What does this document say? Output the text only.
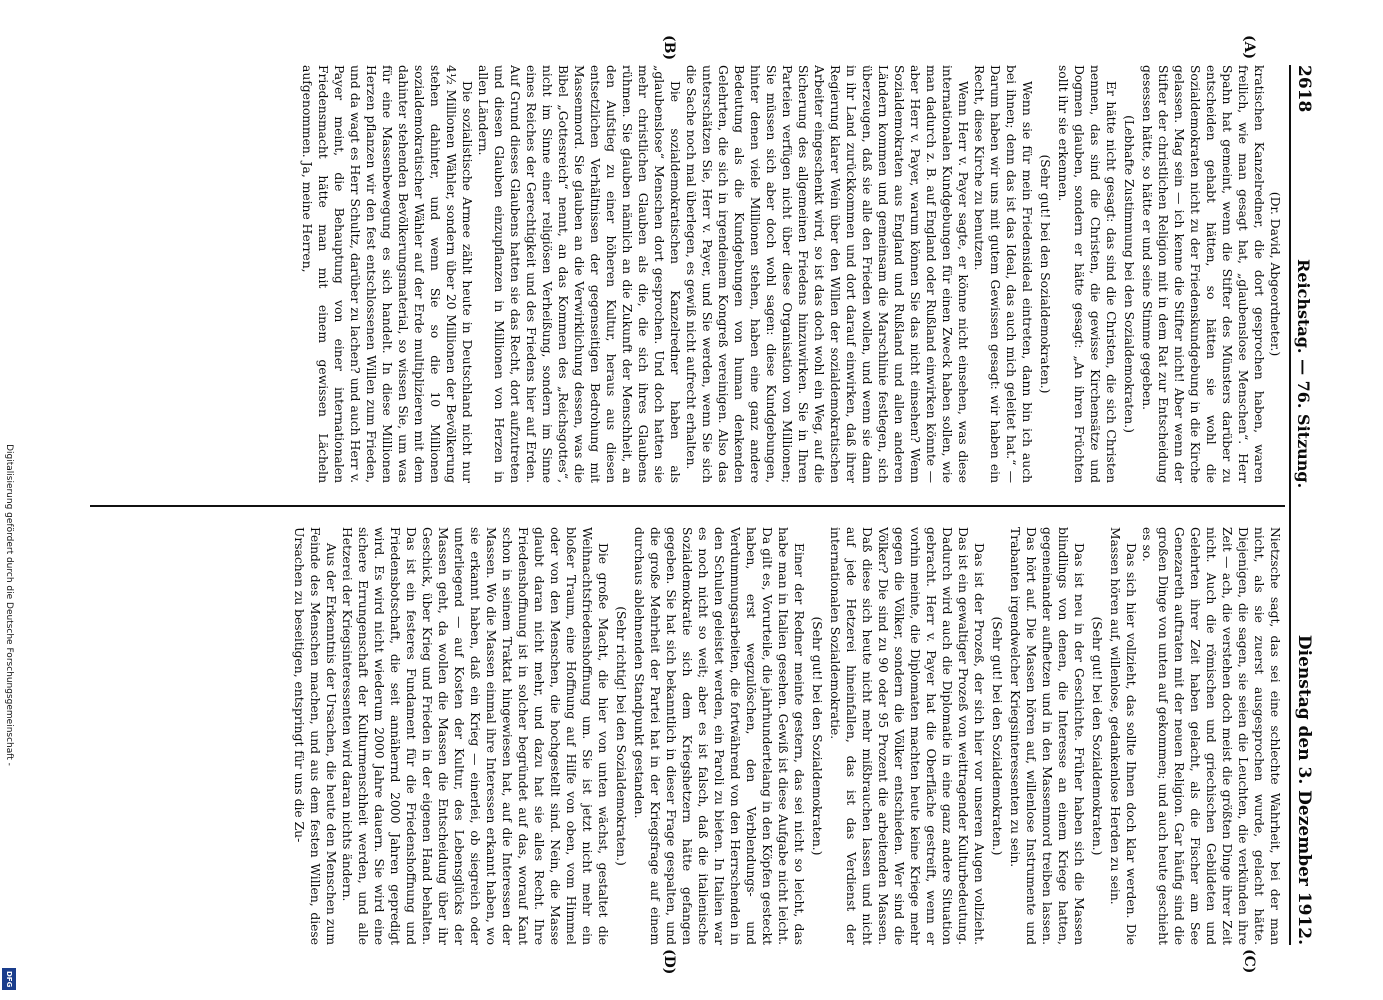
Digitalisierung gefördert durch die Deutsche Forschungsgemeinschaft -
DFG
2618
Reichstag. — 76. Sitzung.
Dienstag den 3. Dezember 1912.
(A)
(B)
(C)
(D)
(Dr. David, Abgeordneter.)

kratischen Kanzelredner, die dort gesprochen haben, waren freilich, wie man gesagt hat, „glaubenslose Menschen“. Herr Spahn hat gemeint, wenn die Stifter des Münsters darüber zu entscheiden gehabt hätten, so hätten sie wohl die Sozialdemokraten nicht zu der Friedenskundgebung in die Kirche gelassen. Mag sein — ich kenne die Stifter nicht! Aber wenn der Stifter der christlichen Religion mit in dem Rat zur Entscheidung gesessen hätte, so hätte er und seine Stimme gegeben.

(Lebhafte Zustimmung bei den Sozialdemokraten.)

Er hätte nicht gesagt: das sind die Christen, die sich Christen nennen, das sind die Christen, die gewisse Kirchensätze und Dogmen glauben, sondern er hätte gesagt: „An ihren Früchten sollt ihr sie erkennen.

(Sehr gut! bei den Sozialdemokraten.)

Wenn sie für mein Friedensideal eintreten, dann bin ich auch bei ihnen; denn das ist das Ideal, das auch mich geleitet hat.“ — Darum haben wir uns mit gutem Gewissen gesagt: wir haben ein Recht, diese Kirche zu benutzen.

Wenn Herr v. Payer sagte, er könne nicht einsehen, was diese internationalen Kundgebungen für einen Zweck haben sollen, wie man dadurch z. B. auf England oder Rußland einwirken könnte — aber Herr v. Payer, warum können Sie das nicht einsehen? Wenn Sozialdemokraten aus England und Rußland und allen anderen Ländern kommen und gemeinsam die Marschlinie festlegen, sich überzeugen, daß sie alle den Frieden wollen, und wenn sie dann in ihr Land zurückkommen und dort darauf einwirken, daß ihrer Regierung klarer Wein über den Willen der sozialdemokratischen Arbeiter eingeschenkt wird, so ist das doch wohl ein Weg, auf die Sicherung des allgemeinen Friedens hinzuwirken. Sie in Ihren Parteien verfügen nicht über diese Organisation von Millionen; Sie müssen sich aber doch wohl sagen: diese Kundgebungen, hinter denen viele Millionen stehen, haben eine ganz andere Bedeutung als die Kundgebungen von human denkenden Gelehrten, die sich in irgendeinem Kongreß vereinigen. Also das unterschätzen Sie, Herr v. Payer, und Sie werden, wenn Sie sich die Sache noch mal überlegen, es gewiß nicht aufrecht erhalten.

Die sozialdemokratischen Kanzelredner haben als „glaubenslose“ Menschen dort gesprochen. Und doch hatten sie mehr christlichen Glauben als die, die sich ihres Glaubens rühmen. Sie glauben nämlich an die Zukunft der Menschheit, an den Aufstieg zu einer höheren Kultur, heraus aus diesen entsetzlichen Verhältnissen der gegenseitigen Bedrohung mit Massenmord. Sie glauben an die Verwirklichung dessen, was die Bibel „Gottesreich“ nennt, an das Kommen des „Reichsgottes“, nicht im Sinne einer religiösen Verheißung, sondern im Sinne eines Reiches der Gerechtigkeit und des Friedens hier auf Erden. Auf Grund dieses Glaubens hatten sie das Recht, dort aufzutreten und diesen Glauben einzupflanzen in Millionen von Herzen in allen Ländern.

Die sozialistische Armee zählt heute in Deutschland nicht nur 4½ Millionen Wähler, sondern über 20 Millionen der Bevölkerung stehen dahinter, und wenn Sie so die 10 Millionen sozialdemokratischer Wähler auf der Erde multiplizieren mit dem dahinter stehenden Bevölkerungsmaterial, so wissen Sie, um was für eine Massenbewegung es sich handelt. In diese Millionen Herzen pflanzen wir den fest entschlossenen Willen zum Frieden, und da wagt es Herr Schultz, darüber zu lachen? und auch Herr v. Payer meint, die Behauptung von einer internationalen Friedensmacht hätte man mit einem gewissen Lächeln aufgenommen. Ja, meine Herren,

Nietzsche sagt, das sei eine schlechte Wahrheit, bei der man nicht, als sie zuerst ausgesprochen wurde, gelacht hätte. Diejenigen, die sagen, sie seien die Leuchten, die verkünden ihre Zeit — ach, die verstehen doch meist die größten Dinge ihrer Zeit nicht. Auch die römischen und griechischen Gebildeten und Gelehrten ihrer Zeit haben gelacht, als die Fischer am See Genezareth auftraten mit der neuen Religion. Gar häufig sind die großen Dinge von unten auf gekommen; und auch heute geschieht es so.

Das sich hier vollzieht, das sollte Ihnen doch klar werden. Die Massen hören auf, willenlose, gedankenlose Herden zu sein.

(Sehr gut! bei den Sozialdemokraten.)

Das ist neu in der Geschichte. Früher haben sich die Massen blindlings von denen, die Interesse an einem Kriege hatten, gegeneinander aufhetzen und in den Massenmord treiben lassen. Das hört auf. Die Massen hören auf, willenlose Instrumente und Trabanten irgendwelcher Kriegsinteressenten zu sein.

(Sehr gut! bei den Sozialdemokraten.)

Das ist der Prozeß, der sich hier vor unseren Augen vollzieht. Das ist ein gewaltiger Prozeß von weittragender Kulturbedeutung. Dadurch wird auch die Diplomatie in eine ganz andere Situation gebracht. Herr v. Payer hat die Oberfläche gestreift, wenn er vorhin meinte, die Diplomaten machten heute keine Kriege mehr gegen die Völker, sondern die Völker entschieden. Wer sind die Völker? Die sind zu 90 oder 95 Prozent die arbeitenden Massen. Daß diese sich heute nicht mehr mißbrauchen lassen und nicht auf jede Hetzerei hineinfallen, das ist das Verdienst der internationalen Sozialdemokratie.

(Sehr gut! bei den Sozialdemokraten.)

Einer der Redner meinte gestern, das sei nicht so leicht, das habe man in Italien gesehen. Gewiß ist diese Aufgabe nicht leicht. Da gilt es, Vorurteile, die jahrhundertelang in den Köpfen gesteckt haben, erst wegzulöschen, den Verblendungs- und Verdummungsarbeiten, die fortwährend von den Herrschenden in den Schulen geleistet werden, ein Paroli zu bieten. In Italien war es noch nicht so weit; aber es ist falsch, daß die italienische Sozialdemokratie sich dem Kriegshetzern hätte gefangen gegeben. Sie hat sich bekanntlich in dieser Frage gespalten, und die große Mehrheit der Partei hat in der Kriegsfrage auf einem durchaus ablehnenden Standpunkt gestanden.

(Sehr richtig! bei den Sozialdemokraten.)

Die große Macht, die hier von unten wächst, gestaltet die Weihnachtsfriedenshoffnung um. Sie ist jetzt nicht mehr ein bloßer Traum, eine Hoffnung auf Hilfe von oben, vom Himmel oder von den Menschen, die hochgestellt sind. Nein, die Masse glaubt daran nicht mehr, und dazu hat sie alles Recht. Ihre Friedenshoffnung ist in solcher begründet auf das, worauf Kant schon in seinem Traktat hingewiesen hat, auf die Interessen der Massen. Wo die Massen einmal ihre Interessen erkannt haben, wo sie erkannt haben, daß ein Krieg — einerlei, ob siegreich oder unterliegend — auf Kosten der Kultur, des Lebensglücks der Massen geht, da wollen die Massen die Entscheidung über ihr Geschick, über Krieg und Frieden in der eigenen Hand behalten. Das ist ein festeres Fundament für die Friedenshoffnung und Friedensbotschaft, die seit annähernd 2000 Jahren gepredigt wird. Es wird nicht wiederum 2000 Jahre dauern. Sie wird eine sichere Errungenschaft der Kulturmenschheit werden, und alle Hetzerei der Kriegsinteressenten wird daran nichts ändern.

Aus der Erkenntnis der Ursachen, die heute den Menschen zum Feinde des Menschen machen, und aus dem festen Willen, diese Ursachen zu beseitigen, entspringt für uns die Zu-
